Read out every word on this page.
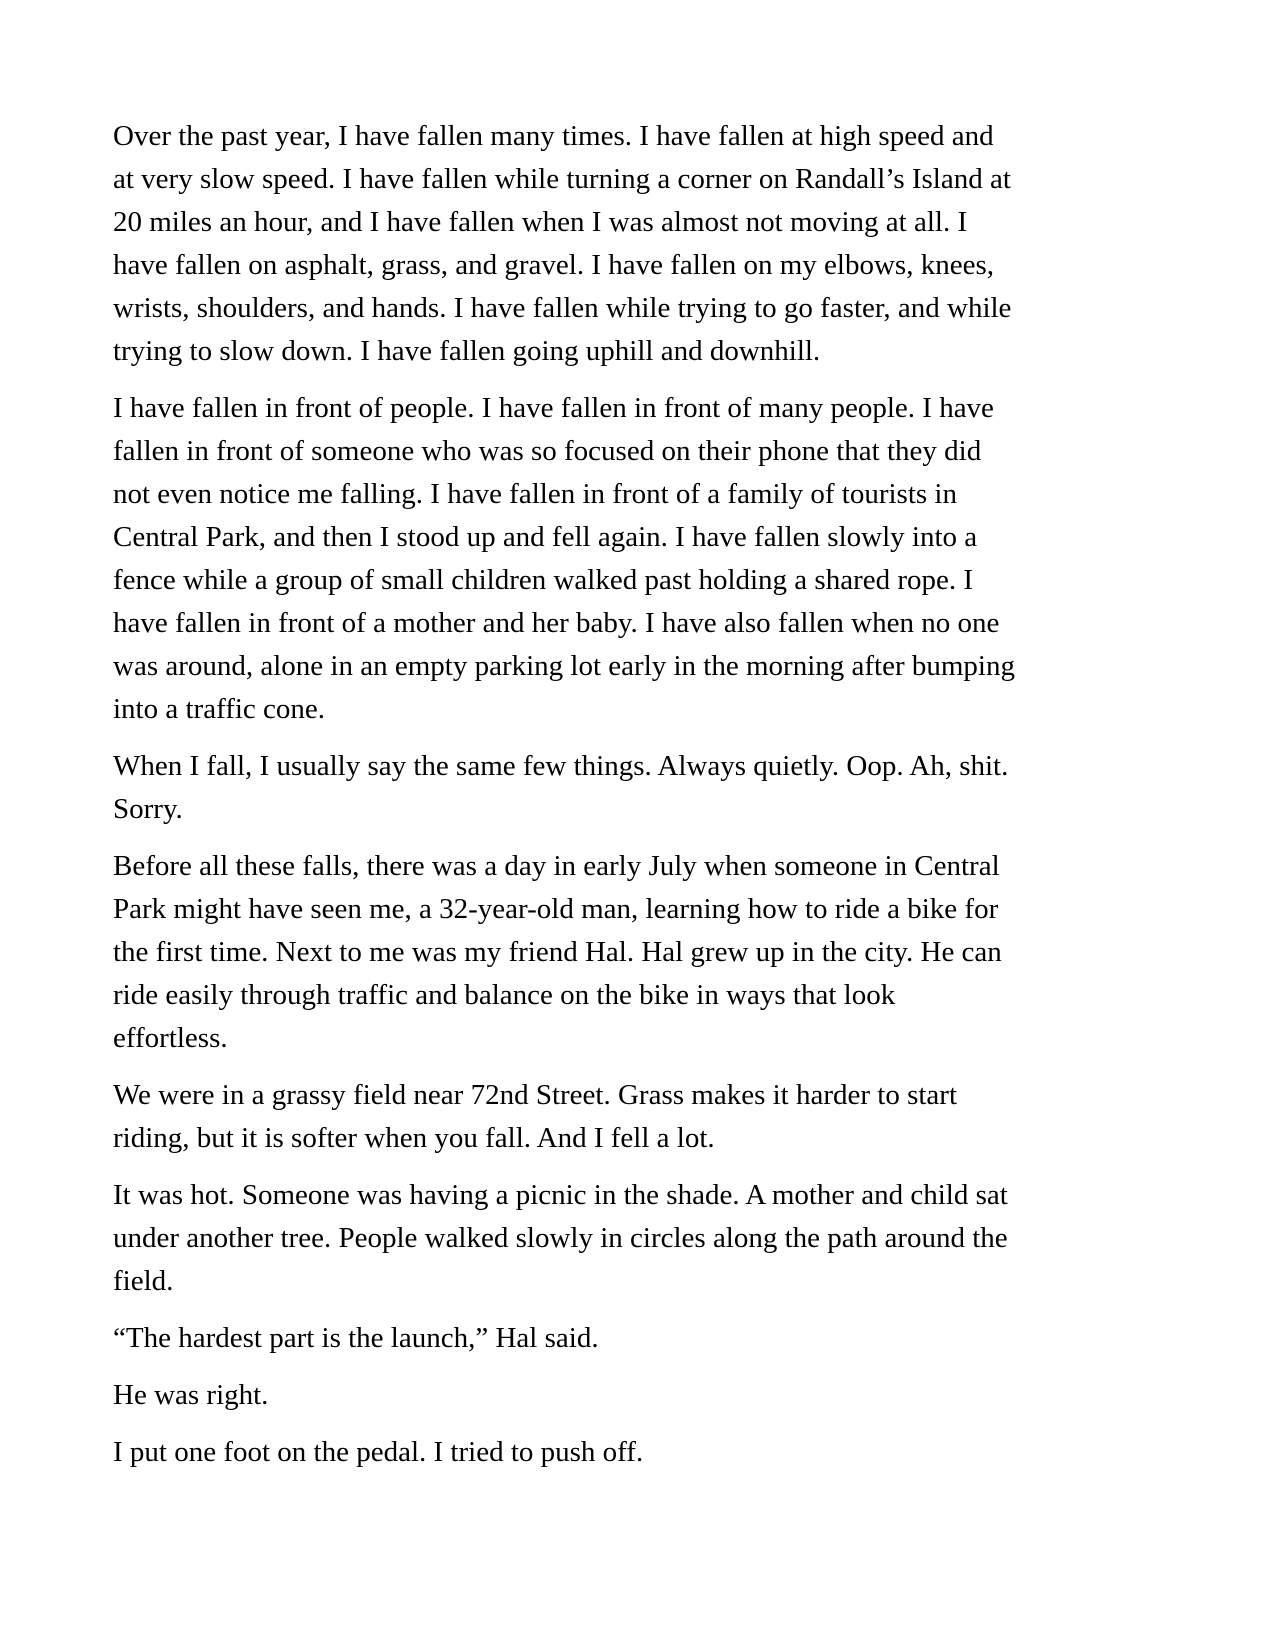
Over the past year, I have fallen many times. I have fallen at high speed and
at very slow speed. I have fallen while turning a corner on Randall’s Island at
20 miles an hour, and I have fallen when I was almost not moving at all. I
have fallen on asphalt, grass, and gravel. I have fallen on my elbows, knees,
wrists, shoulders, and hands. I have fallen while trying to go faster, and while
trying to slow down. I have fallen going uphill and downhill.

I have fallen in front of people. I have fallen in front of many people. I have
fallen in front of someone who was so focused on their phone that they did
not even notice me falling. I have fallen in front of a family of tourists in
Central Park, and then I stood up and fell again. I have fallen slowly into a
fence while a group of small children walked past holding a shared rope. I
have fallen in front of a mother and her baby. I have also fallen when no one
was around, alone in an empty parking lot early in the morning after bumping
into a traffic cone.

When I fall, I usually say the same few things. Always quietly. Oop. Ah, shit.
Sorry.

Before all these falls, there was a day in early July when someone in Central
Park might have seen me, a 32-year-old man, learning how to ride a bike for
the first time. Next to me was my friend Hal. Hal grew up in the city. He can
ride easily through traffic and balance on the bike in ways that look
effortless.

We were in a grassy field near 72nd Street. Grass makes it harder to start
riding, but it is softer when you fall. And I fell a lot.

It was hot. Someone was having a picnic in the shade. A mother and child sat
under another tree. People walked slowly in circles along the path around the
field.

“The hardest part is the launch,” Hal said.

He was right.

I put one foot on the pedal. I tried to push off.
